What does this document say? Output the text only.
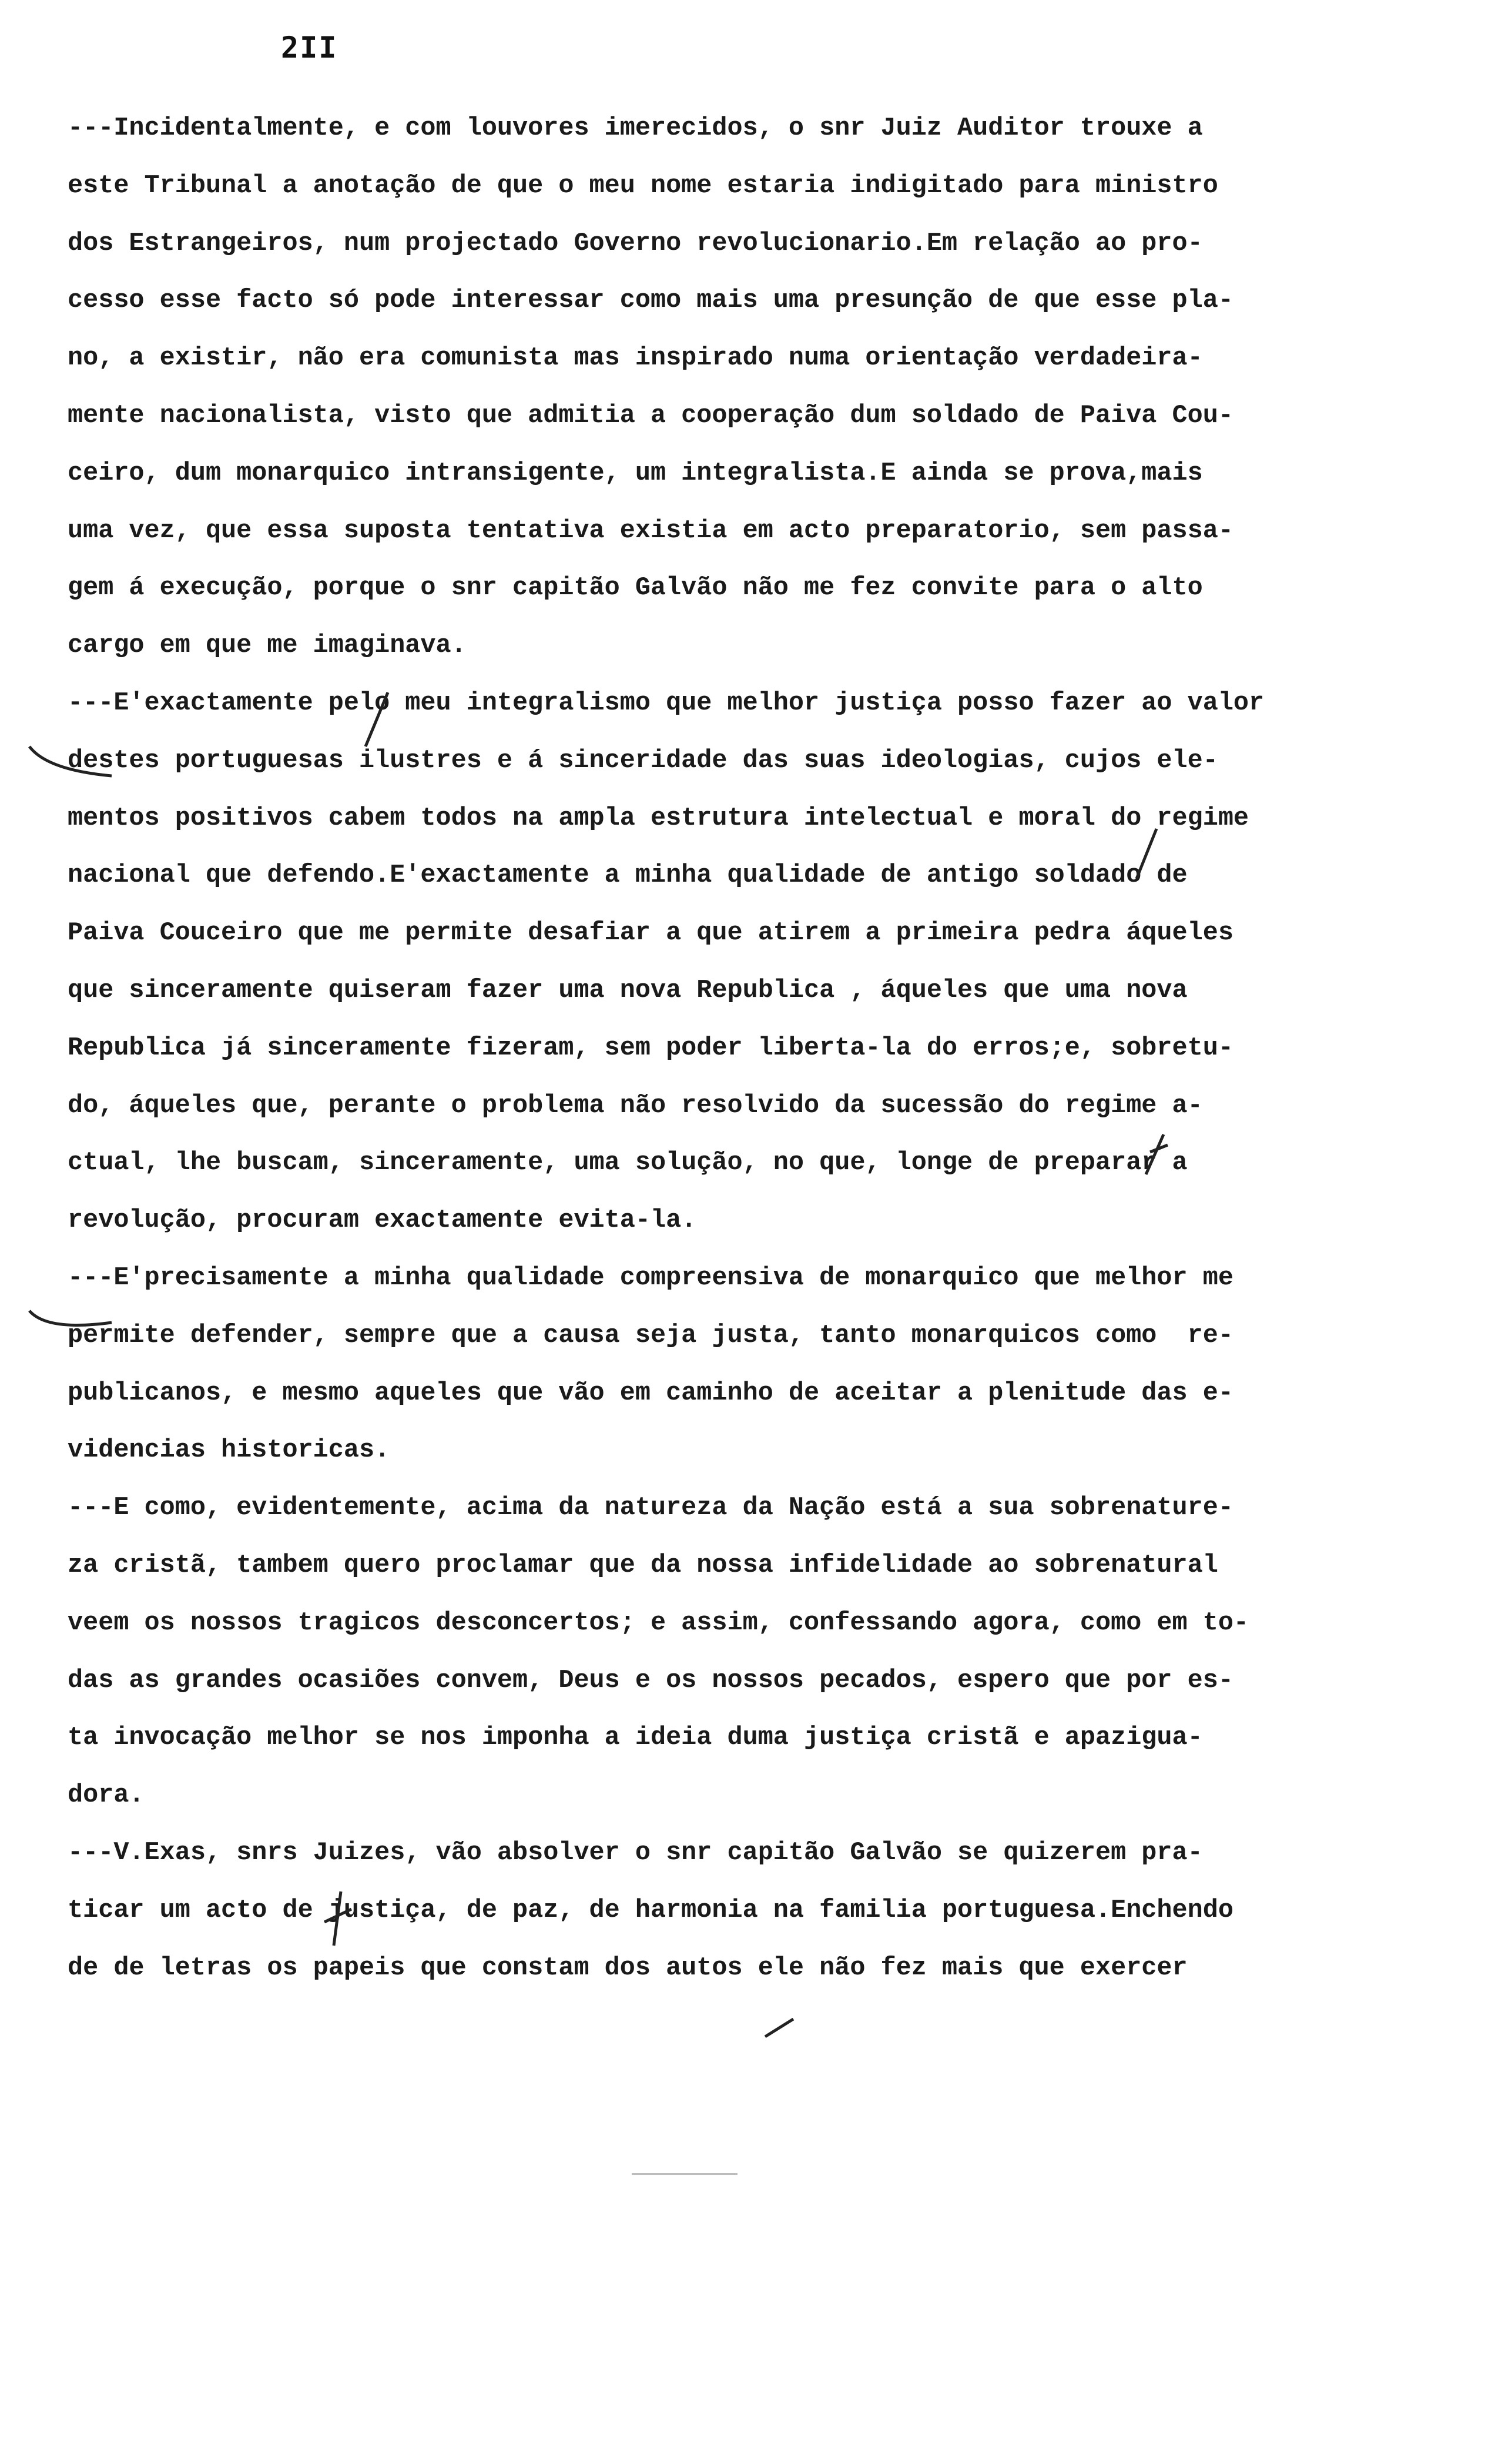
2II
---Incidentalmente, e com louvores imerecidos, o snr Juiz Auditor trouxe a
este Tribunal a anotação de que o meu nome estaria indigitado para ministro
dos Estrangeiros, num projectado Governo revolucionario.Em relação ao pro-
cesso esse facto só pode interessar como mais uma presunção de que esse pla-
no, a existir, não era comunista mas inspirado numa orientação verdadeira-
mente nacionalista, visto que admitia a cooperação dum soldado de Paiva Cou-
ceiro, dum monarquico intransigente, um integralista.E ainda se prova,mais
uma vez, que essa suposta tentativa existia em acto preparatorio, sem passa-
gem á execução, porque o snr capitão Galvão não me fez convite para o alto
cargo em que me imaginava.
---E'exactamente pelo meu integralismo que melhor justiça posso fazer ao valor
destes portuguesas ilustres e á sinceridade das suas ideologias, cujos ele-
mentos positivos cabem todos na ampla estrutura intelectual e moral do regime
nacional que defendo.E'exactamente a minha qualidade de antigo soldado de
Paiva Couceiro que me permite desafiar a que atirem a primeira pedra áqueles
que sinceramente quiseram fazer uma nova Republica , áqueles que uma nova
Republica já sinceramente fizeram, sem poder liberta-la do erros;e, sobretu-
do, áqueles que, perante o problema não resolvido da sucessão do regime a-
ctual, lhe buscam, sinceramente, uma solução, no que, longe de preparar a
revolução, procuram exactamente evita-la.
---E'precisamente a minha qualidade compreensiva de monarquico que melhor me
permite defender, sempre que a causa seja justa, tanto monarquicos como  re-
publicanos, e mesmo aqueles que vão em caminho de aceitar a plenitude das e-
videncias historicas.
---E como, evidentemente, acima da natureza da Nação está a sua sobrenature-
za cristã, tambem quero proclamar que da nossa infidelidade ao sobrenatural
veem os nossos tragicos desconcertos; e assim, confessando agora, como em to-
das as grandes ocasiões convem, Deus e os nossos pecados, espero que por es-
ta invocação melhor se nos imponha a ideia duma justiça cristã e apazigua-
dora.
---V.Exas, snrs Juizes, vão absolver o snr capitão Galvão se quizerem pra-
ticar um acto de justiça, de paz, de harmonia na familia portuguesa.Enchendo
de de letras os papeis que constam dos autos ele não fez mais que exercer
